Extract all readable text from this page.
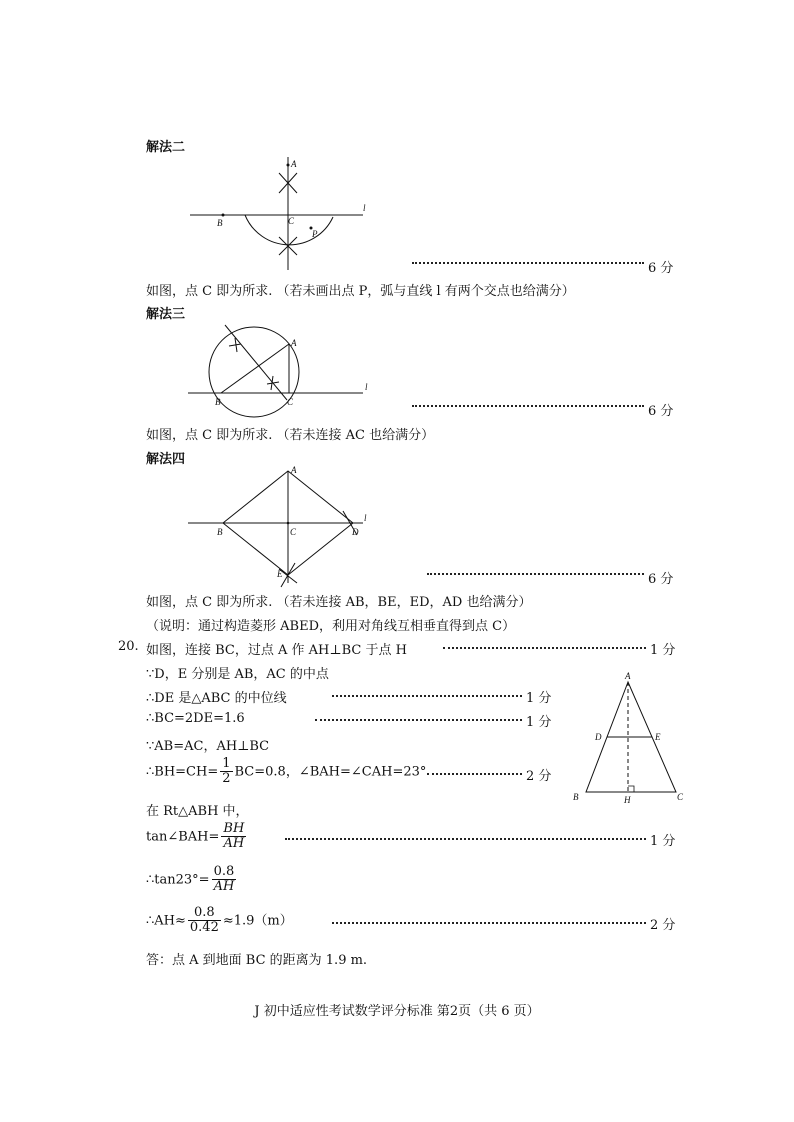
解法二
A
B	C
P
l
6 分
如图，点 C 即为所求. （若未画出点 P，弧与直线 l 有两个交点也给满分）
解法三
A
B	C
l
6 分
如图，点 C 即为所求. （若未连接 AC 也给满分）
解法四
A
B	C	D
E
l
6 分
如图，点 C 即为所求. （若未连接 AB，BE，ED，AD 也给满分）
（说明：通过构造菱形 ABED，利用对角线互相垂直得到点 C）
20. 如图，连接 BC，过点 A 作 AH⊥BC 于点 H	1 分
∵D，E 分别是 AB，AC 的中点
∴DE 是△ABC 的中位线	1 分
∴BC=2DE=1.6	1 分
∵AB=AC，AH⊥BC
∴BH=CH= $\frac{1}{2} BC=0.8$，∠BAH=∠CAH=23°	2 分
在 Rt△ABH 中，
tan∠BAH= $\frac{BH}{AH}$	1 分
∴tan23°= $\frac{0.8}{AH}$
∴AH≈ $\frac{0.8}{0.42} \approx 1.9(m)$	2 分
答：点 A 到地面 BC 的距离为 1.9 m.
A
B	C
D	E
H
J 初中适应性考试数学评分标准 第2页（共 6 页）
